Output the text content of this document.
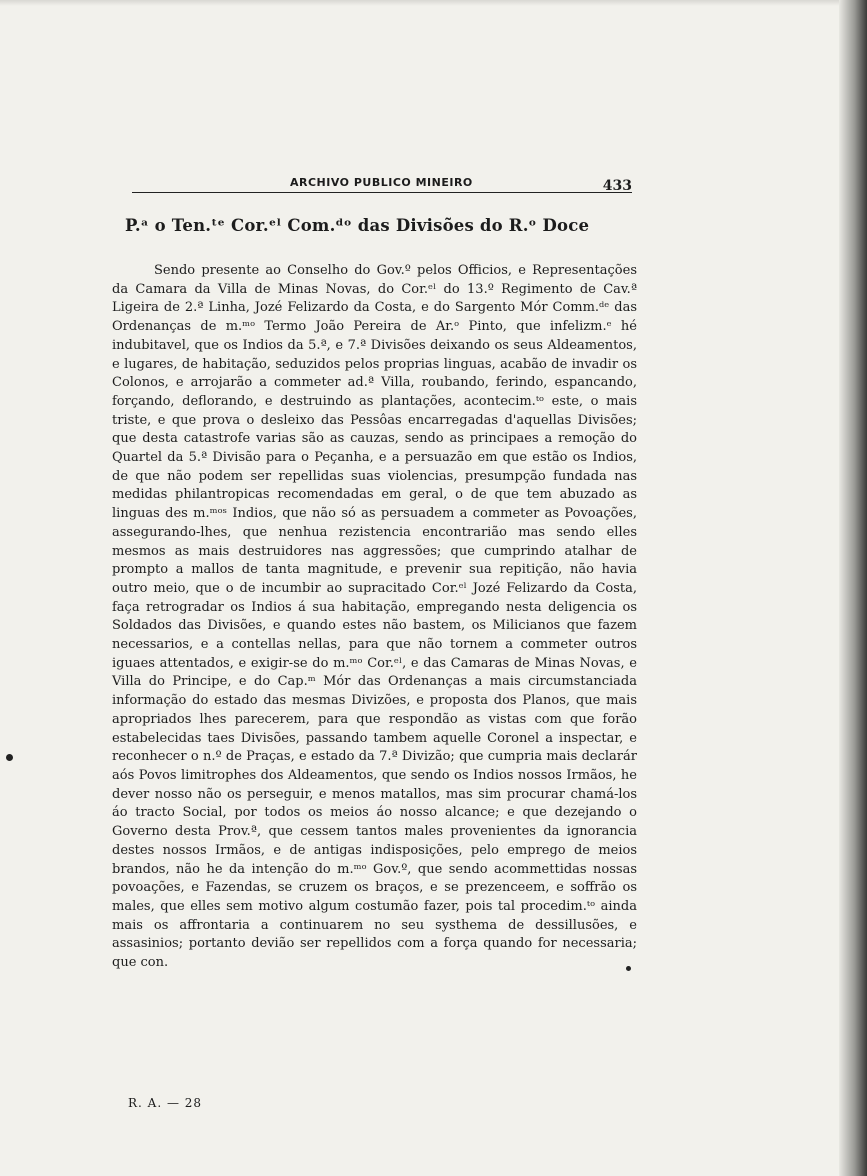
ARCHIVO PUBLICO MINEIRO	433
P.ᵃ o Ten.ᵗᵉ Cor.ᵉˡ Com.ᵈᵒ das Divisões do R.ᵒ Doce

Sendo presente ao Conselho do Gov.º pelos Officios, e Representações da Camara da Villa de Minas Novas, do Cor.ᵉˡ do 13.º Regimento de Cav.ª Ligeira de 2.ª Linha, Jozé Felizardo da Costa, e do Sargento Mór Comm.ᵈᵉ das Ordenanças de m.ᵐᵒ Termo João Pereira de Ar.ᵒ Pinto, que infelizm.ᵉ hé indubitavel, que os Indios da 5.ª, e 7.ª Divisões deixando os seus Aldeamentos, e lugares, de habitação, seduzidos pelos proprias linguas, acabão de invadir os Colonos, e arrojarão a commeter ad.ª Villa, roubando, ferindo, espancando, forçando, deflorando, e destruindo as plantações, acontecim.ᵗᵒ este, o mais triste, e que prova o desleixo das Pessôas encarregadas d'aquellas Divisões; que desta catastrofe varias são as cauzas, sendo as principaes a remoção do Quartel da 5.ª Divisão para o Peçanha, e a persuazão em que estão os Indios, de que não podem ser repellidas suas violencias, presumpção fundada nas medidas philantropicas recomendadas em geral, o de que tem abuzado as linguas des m.ᵐᵒˢ Indios, que não só as persuadem a commeter as Povoações, assegurando-lhes, que nenhua rezistencia encontrarião mas sendo elles mesmos as mais destruidores nas aggressões; que cumprindo atalhar de prompto a mallos de tanta magnitude, e prevenir sua repitição, não havia outro meio, que o de incumbir ao supracitado Cor.ᵉˡ Jozé Felizardo da Costa, faça retrogradar os Indios á sua habitação, empregando nesta deligencia os Soldados das Divisões, e quando estes não bastem, os Milicianos que fazem necessarios, e a contellas nellas, para que não tornem a commeter outros iguaes attentados, e exigir-se do m.ᵐᵒ Cor.ᵉˡ, e das Camaras de Minas Novas, e Villa do Principe, e do Cap.ᵐ Mór das Ordenanças a mais circumstanciada informação do estado das mesmas Divizões, e proposta dos Planos, que mais apropriados lhes parecerem, para que respondão as vistas com que forão estabelecidas taes Divisões, passando tambem aquelle Coronel a inspectar, e reconhecer o n.º de Praças, e estado da 7.ª Divizão; que cumpria mais declarár aós Povos limitrophes dos Aldeamentos, que sendo os Indios nossos Irmãos, he dever nosso não os perseguir, e menos matallos, mas sim procurar chamá-los áo tracto Social, por todos os meios áo nosso alcance; e que dezejando o Governo desta Prov.ª, que cessem tantos males provenientes da ignorancia destes nossos Irmãos, e de antigas indisposições, pelo emprego de meios brandos, não he da intenção do m.ᵐᵒ Gov.º, que sendo acommettidas nossas povoações, e Fazendas, se cruzem os braços, e se prezenceem, e soffrão os males, que elles sem motivo algum costumão fazer, pois tal procedim.ᵗᵒ ainda mais os affrontaria a continuarem no seu systhema de dessillusões, e assasinios; portanto devião ser repellidos com a força quando for necessaria; que con.

R. A. — 28
